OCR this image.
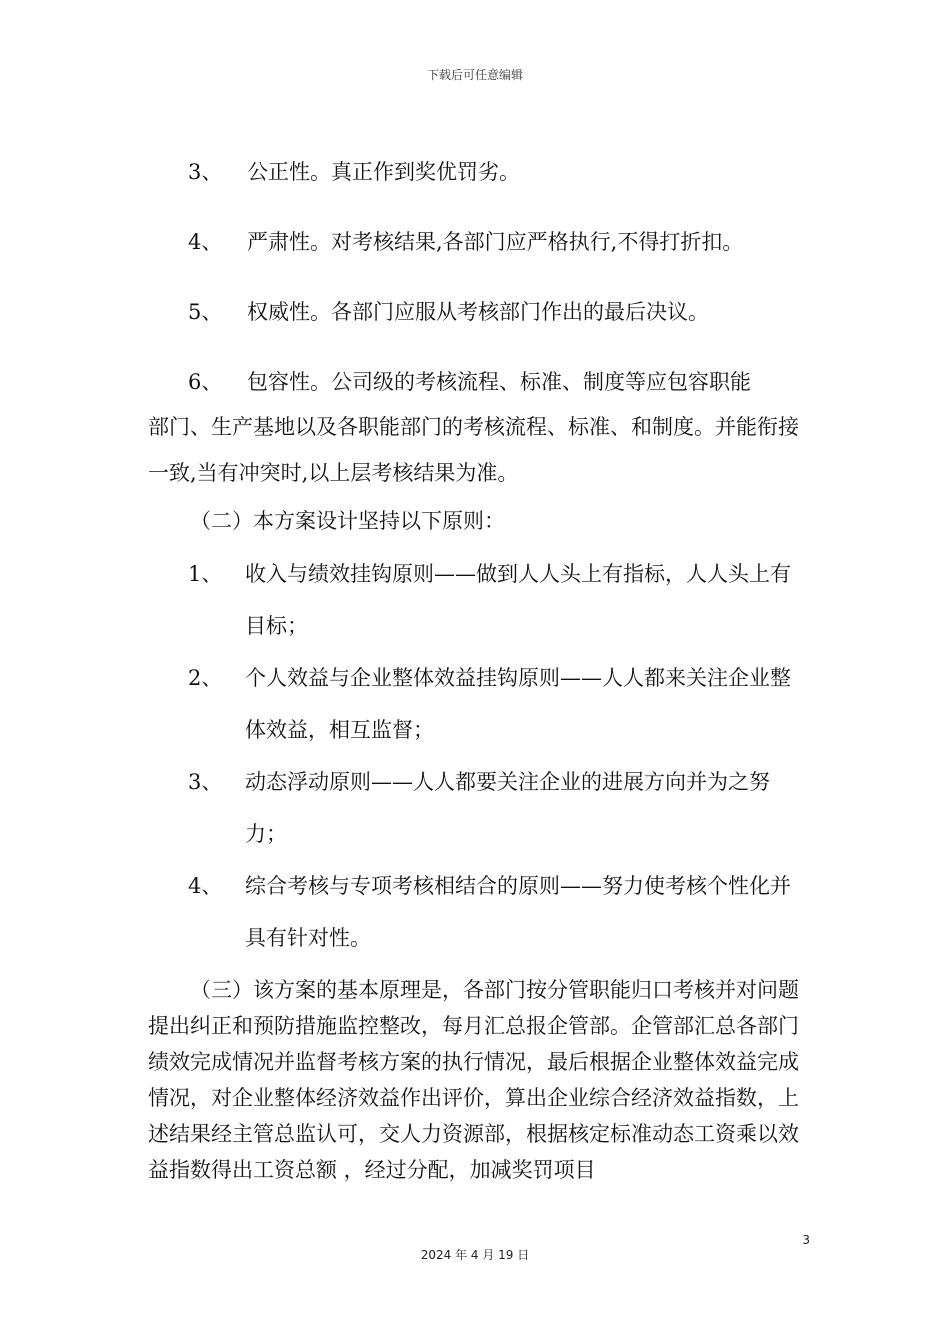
下载后可任意编辑
3、 公正性。真正作到奖优罚劣。
4、 严肃性。对考核结果,各部门应严格执行,不得打折扣。
5、 权威性。各部门应服从考核部门作出的最后决议。
6、 包容性。公司级的考核流程、标准、制度等应包容职能
部门、生产基地以及各职能部门的考核流程、标准、和制度。并能衔接一致,当有冲突时,以上层考核结果为准。
（二）本方案设计坚持以下原则：
1、	收入与绩效挂钩原则——做到人人头上有指标，人人头上有目标；
2、	个人效益与企业整体效益挂钩原则——人人都来关注企业整体效益，相互监督；
3、	动态浮动原则——人人都要关注企业的进展方向并为之努力；
4、	综合考核与专项考核相结合的原则——努力使考核个性化并具有针对性。
（三）该方案的基本原理是，各部门按分管职能归口考核并对问题提出纠正和预防措施监控整改，每月汇总报企管部。企管部汇总各部门绩效完成情况并监督考核方案的执行情况，最后根据企业整体效益完成情况，对企业整体经济效益作出评价，算出企业综合经济效益指数，上述结果经主管总监认可，交人力资源部，根据核定标准动态工资乘以效益指数得出工资总额 ，经过分配，加减奖罚项目
3
2024 年 4 月 19 日
